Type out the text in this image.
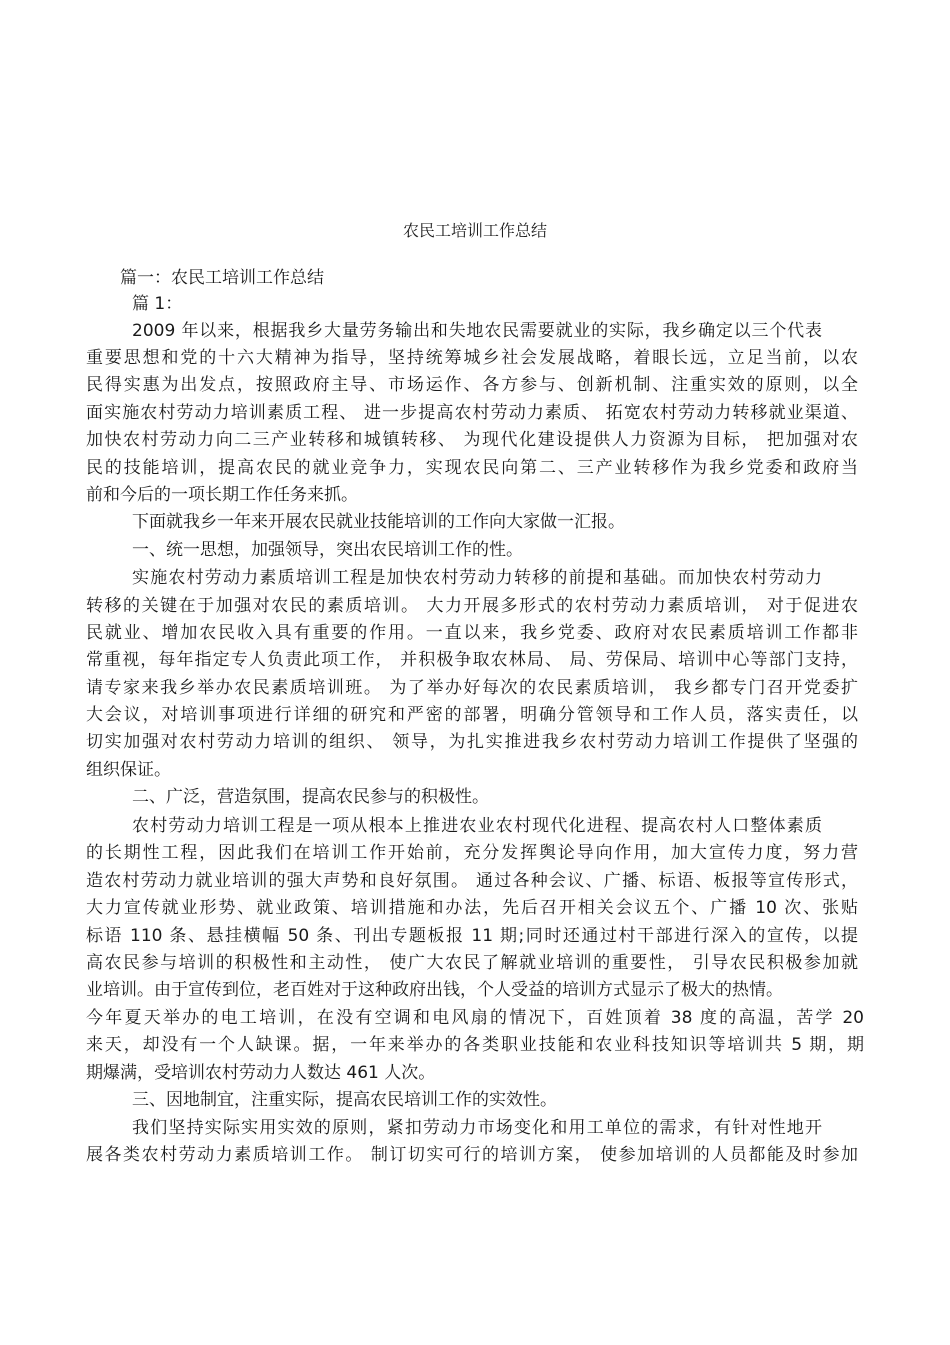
农民工培训工作总结
篇一：农民工培训工作总结
篇 1：
2009 年以来，根据我乡大量劳务输出和失地农民需要就业的实际，我乡确定以三个代表
重要思想和党的十六大精神为指导，坚持统筹城乡社会发展战略，着眼长远，立足当前，以农
民得实惠为出发点，按照政府主导、市场运作、各方参与、创新机制、注重实效的原则，以全
面实施农村劳动力培训素质工程、 进一步提高农村劳动力素质、 拓宽农村劳动力转移就业渠道、
加快农村劳动力向二三产业转移和城镇转移、 为现代化建设提供人力资源为目标， 把加强对农
民的技能培训，提高农民的就业竞争力，实现农民向第二、三产业转移作为我乡党委和政府当
前和今后的一项长期工作任务来抓。
下面就我乡一年来开展农民就业技能培训的工作向大家做一汇报。
一、统一思想，加强领导，突出农民培训工作的性。
实施农村劳动力素质培训工程是加快农村劳动力转移的前提和基础。而加快农村劳动力
转移的关键在于加强对农民的素质培训。 大力开展多形式的农村劳动力素质培训， 对于促进农
民就业、增加农民收入具有重要的作用。一直以来，我乡党委、政府对农民素质培训工作都非
常重视，每年指定专人负责此项工作， 并积极争取农林局、 局、劳保局、培训中心等部门支持，
请专家来我乡举办农民素质培训班。 为了举办好每次的农民素质培训， 我乡都专门召开党委扩
大会议，对培训事项进行详细的研究和严密的部署，明确分管领导和工作人员，落实责任，以
切实加强对农村劳动力培训的组织、 领导，为扎实推进我乡农村劳动力培训工作提供了坚强的
组织保证。
二、广泛，营造氛围，提高农民参与的积极性。
农村劳动力培训工程是一项从根本上推进农业农村现代化进程、提高农村人口整体素质
的长期性工程，因此我们在培训工作开始前，充分发挥舆论导向作用，加大宣传力度，努力营
造农村劳动力就业培训的强大声势和良好氛围。 通过各种会议、广播、标语、板报等宣传形式，
大力宣传就业形势、就业政策、培训措施和办法，先后召开相关会议五个、广播 10 次、张贴
标语 110 条、悬挂横幅 50 条、刊出专题板报 11 期;同时还通过村干部进行深入的宣传，以提
高农民参与培训的积极性和主动性， 使广大农民了解就业培训的重要性， 引导农民积极参加就
业培训。由于宣传到位，老百姓对于这种政府出钱，个人受益的培训方式显示了极大的热情。
今年夏天举办的电工培训，在没有空调和电风扇的情况下，百姓顶着 38 度的高温，苦学 20
来天，却没有一个人缺课。据，一年来举办的各类职业技能和农业科技知识等培训共 5 期，期
期爆满，受培训农村劳动力人数达 461 人次。
三、因地制宜，注重实际，提高农民培训工作的实效性。
我们坚持实际实用实效的原则，紧扣劳动力市场变化和用工单位的需求，有针对性地开
展各类农村劳动力素质培训工作。 制订切实可行的培训方案， 使参加培训的人员都能及时参加
